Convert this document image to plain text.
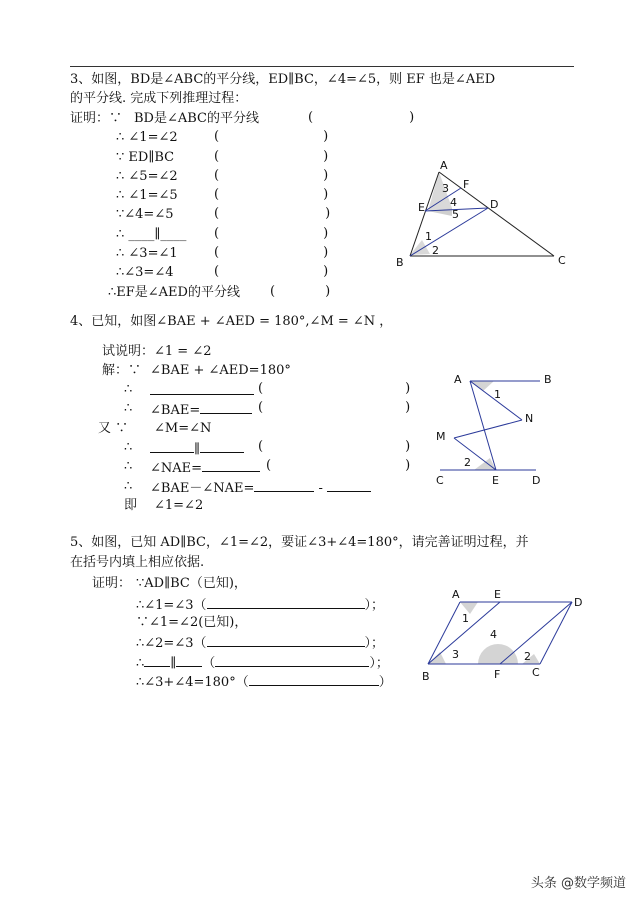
3、如图，BD是∠ABC的平分线，ED∥BC，∠4=∠5，则 EF 也是∠AED
的平分线. 完成下列推理过程：
证明：∵ BD是∠ABC的平分线	(	)
∴ ∠1=∠2	(	)
∵ ED∥BC	(	)
∴ ∠5=∠2	(	)
∴ ∠1=∠5	(	)
∵∠4=∠5	(	)
∴ ____∥____ (	)
∴ ∠3=∠1	(	)
∴∠3=∠4	(	)
∴EF是∠AED的平分线 (	)
A
F
E	D
B	C
1
2
3
4
5
4、已知，如图∠BAE + ∠AED = 180°,∠M = ∠N ，
试说明：∠1 = ∠2
解：∵ ∠BAE + ∠AED=180°
∴	(	)
∴ ∠BAE=	(	)
又 ∵ ∠M=∠N
∴	∥	(	)
∴ ∠NAE=	(	)
∴ ∠BAE－∠NAE=	-
即 ∠1=∠2
A	B
1
N
M
2
C	E	D
5、如图，已知 AD∥BC，∠1=∠2，要证∠3+∠4=180°，请完善证明过程，并
在括号内填上相应依据.
证明： ∵AD∥BC（已知)，
∴∠1=∠3（	）；
∵∠1=∠2(已知)，
∴∠2=∠3（	）；
∴ ∥ （	）；
∴∠3+∠4=180°（	）
A	E
D
1
4
3	2
B	F	C
头条 @数学频道
